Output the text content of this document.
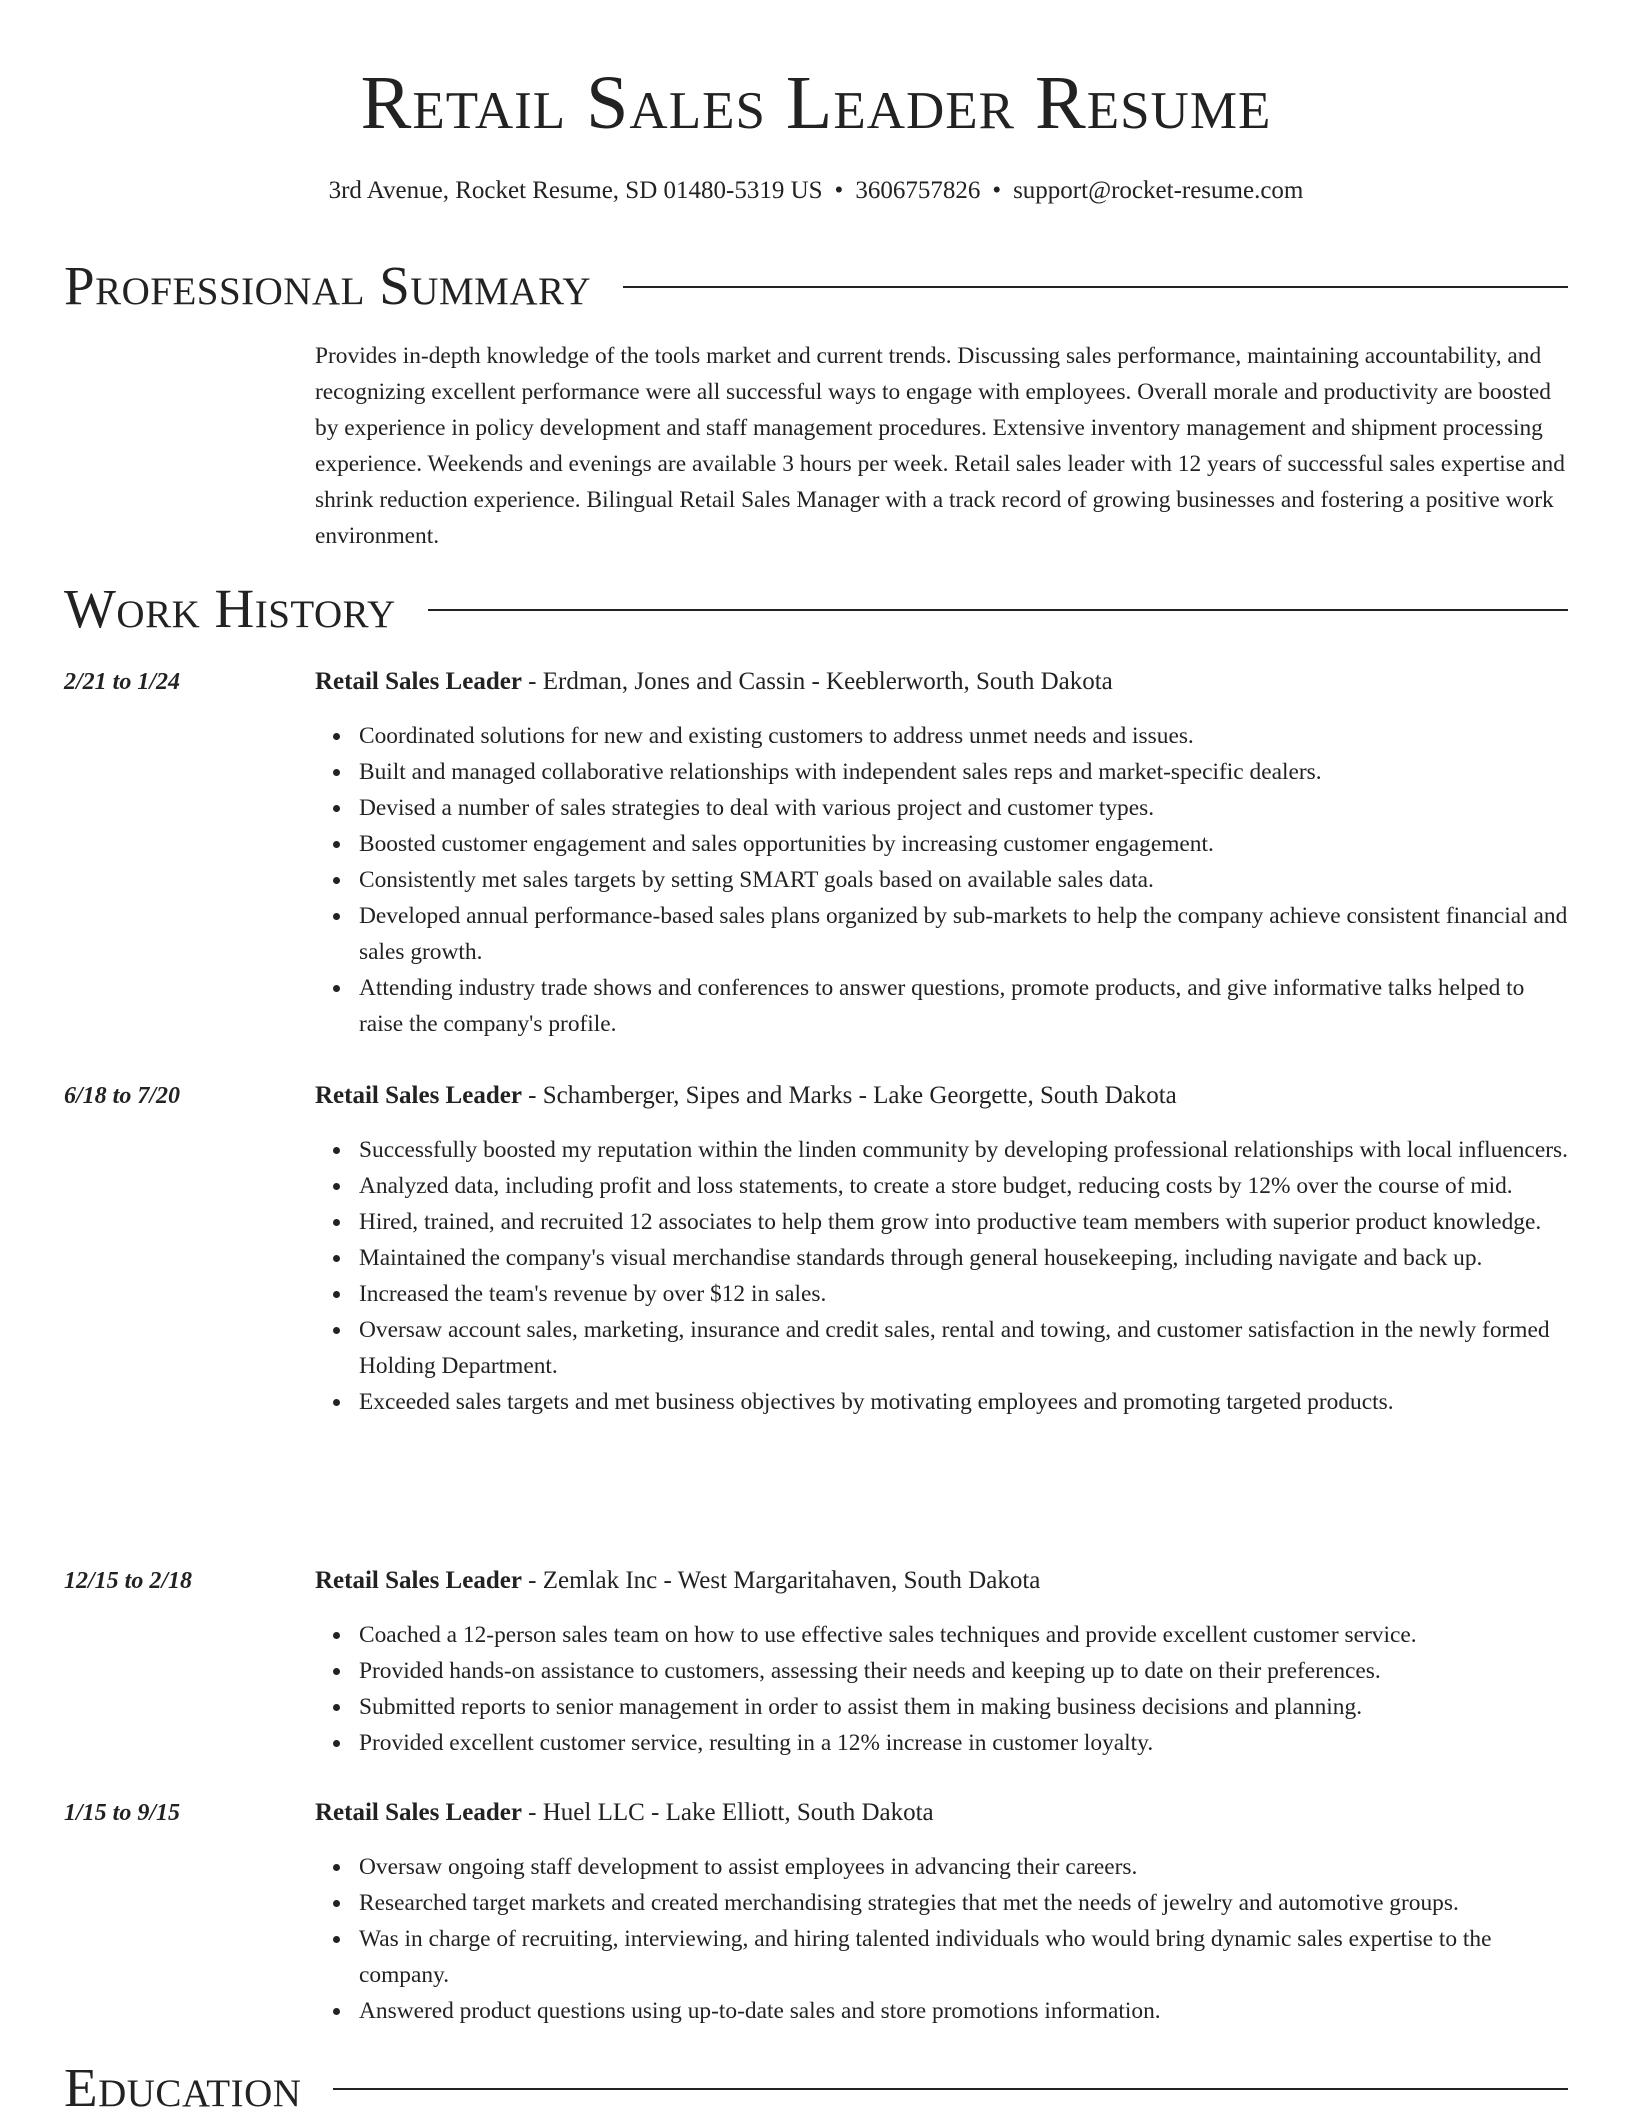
Retail Sales Leader Resume
3rd Avenue, Rocket Resume, SD 01480-5319 US • 3606757826 • support@rocket-resume.com
Professional Summary

Provides in-depth knowledge of the tools market and current trends. Discussing sales performance, maintaining accountability, and recognizing excellent performance were all successful ways to engage with employees. Overall morale and productivity are boosted by experience in policy development and staff management procedures. Extensive inventory management and shipment processing experience. Weekends and evenings are available 3 hours per week. Retail sales leader with 12 years of successful sales expertise and shrink reduction experience. Bilingual Retail Sales Manager with a track record of growing businesses and fostering a positive work environment.

Work History
2/21 to 1/24	Retail Sales Leader - Erdman, Jones and Cassin - Keeblerworth, South Dakota
Coordinated solutions for new and existing customers to address unmet needs and issues.
Built and managed collaborative relationships with independent sales reps and market-specific dealers.
Devised a number of sales strategies to deal with various project and customer types.
Boosted customer engagement and sales opportunities by increasing customer engagement.
Consistently met sales targets by setting SMART goals based on available sales data.
Developed annual performance-based sales plans organized by sub-markets to help the company achieve consistent financial and sales growth.
Attending industry trade shows and conferences to answer questions, promote products, and give informative talks helped to raise the company's profile.
6/18 to 7/20	Retail Sales Leader - Schamberger, Sipes and Marks - Lake Georgette, South Dakota
Successfully boosted my reputation within the linden community by developing professional relationships with local influencers.
Analyzed data, including profit and loss statements, to create a store budget, reducing costs by 12% over the course of mid.
Hired, trained, and recruited 12 associates to help them grow into productive team members with superior product knowledge.
Maintained the company's visual merchandise standards through general housekeeping, including navigate and back up.
Increased the team's revenue by over $12 in sales.
Oversaw account sales, marketing, insurance and credit sales, rental and towing, and customer satisfaction in the newly formed Holding Department.
Exceeded sales targets and met business objectives by motivating employees and promoting targeted products.
12/15 to 2/18	Retail Sales Leader - Zemlak Inc - West Margaritahaven, South Dakota
Coached a 12-person sales team on how to use effective sales techniques and provide excellent customer service.
Provided hands-on assistance to customers, assessing their needs and keeping up to date on their preferences.
Submitted reports to senior management in order to assist them in making business decisions and planning.
Provided excellent customer service, resulting in a 12% increase in customer loyalty.
1/15 to 9/15	Retail Sales Leader - Huel LLC - Lake Elliott, South Dakota
Oversaw ongoing staff development to assist employees in advancing their careers.
Researched target markets and created merchandising strategies that met the needs of jewelry and automotive groups.
Was in charge of recruiting, interviewing, and hiring talented individuals who would bring dynamic sales expertise to the company.
Answered product questions using up-to-date sales and store promotions information.
Education
